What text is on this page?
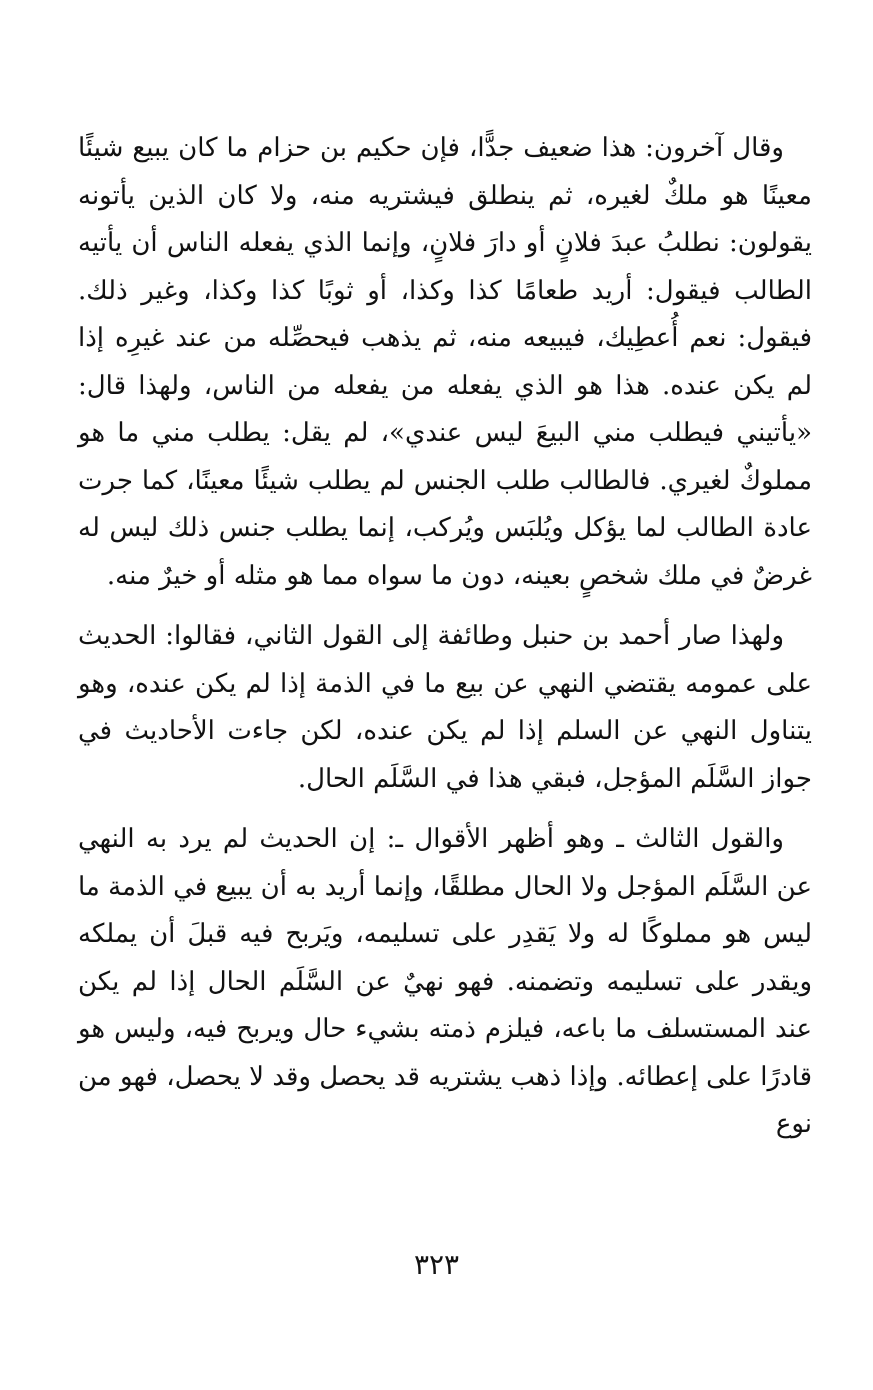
وقال آخرون: هذا ضعيف جدًّا، فإن حكيم بن حزام ما كان يبيع شيئًا معينًا هو ملكٌ لغيره، ثم ينطلق فيشتريه منه، ولا كان الذين يأتونه يقولون: نطلبُ عبدَ فلانٍ أو دارَ فلانٍ، وإنما الذي يفعله الناس أن يأتيه الطالب فيقول: أريد طعامًا كذا وكذا، أو ثوبًا كذا وكذا، وغير ذلك. فيقول: نعم أُعطِيك، فيبيعه منه، ثم يذهب فيحصِّله من عند غيرِه إذا لم يكن عنده. هذا هو الذي يفعله من يفعله من الناس، ولهذا قال: «يأتيني فيطلب مني البيعَ ليس عندي»، لم يقل: يطلب مني ما هو مملوكٌ لغيري. فالطالب طلب الجنس لم يطلب شيئًا معينًا، كما جرت عادة الطالب لما يؤكل ويُلبَس ويُركب، إنما يطلب جنس ذلك ليس له غرضٌ في ملك شخصٍ بعينه، دون ما سواه مما هو مثله أو خيرٌ منه.

ولهذا صار أحمد بن حنبل وطائفة إلى القول الثاني، فقالوا: الحديث على عمومه يقتضي النهي عن بيع ما في الذمة إذا لم يكن عنده، وهو يتناول النهي عن السلم إذا لم يكن عنده، لكن جاءت الأحاديث في جواز السَّلَم المؤجل، فبقي هذا في السَّلَم الحال.

والقول الثالث ـ وهو أظهر الأقوال ـ: إن الحديث لم يرد به النهي عن السَّلَم المؤجل ولا الحال مطلقًا، وإنما أريد به أن يبيع في الذمة ما ليس هو مملوكًا له ولا يَقدِر على تسليمه، ويَربح فيه قبلَ أن يملكه ويقدر على تسليمه وتضمنه. فهو نهيٌ عن السَّلَم الحال إذا لم يكن عند المستسلف ما باعه، فيلزم ذمته بشيء حال ويربح فيه، وليس هو قادرًا على إعطائه. وإذا ذهب يشتريه قد يحصل وقد لا يحصل، فهو من نوع

٣٢٣
